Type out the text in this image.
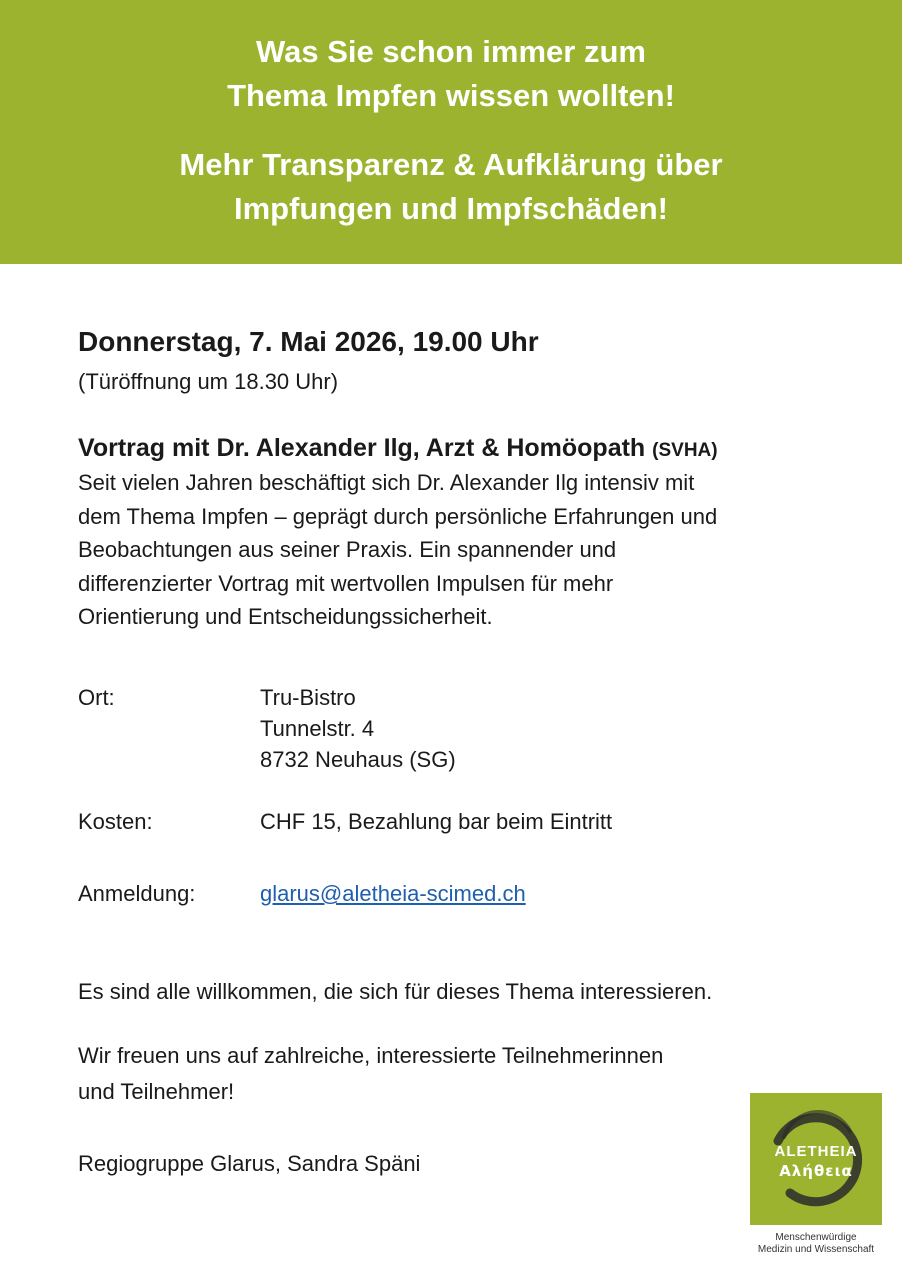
Was Sie schon immer zum
Thema Impfen wissen wollten!
Mehr Transparenz & Aufklärung über
Impfungen und Impfschäden!
Donnerstag, 7. Mai 2026, 19.00 Uhr
(Türöffnung um 18.30 Uhr)
Vortrag mit Dr. Alexander Ilg, Arzt & Homöopath (SVHA)
Seit vielen Jahren beschäftigt sich Dr. Alexander Ilg intensiv mit
dem Thema Impfen – geprägt durch persönliche Erfahrungen und
Beobachtungen aus seiner Praxis. Ein spannender und
differenzierter Vortrag mit wertvollen Impulsen für mehr
Orientierung und Entscheidungssicherheit.
Ort:	Tru-Bistro
Tunnelstr. 4
8732 Neuhaus (SG)
Kosten:	CHF 15, Bezahlung bar beim Eintritt
Anmeldung:	glarus@aletheia-scimed.ch
Es sind alle willkommen, die sich für dieses Thema interessieren.
Wir freuen uns auf zahlreiche, interessierte Teilnehmerinnen
und Teilnehmer!
Regiogruppe Glarus, Sandra Späni	ALETHEIA
Αλήθεια
Menschenwürdige
Medizin und Wissenschaft
